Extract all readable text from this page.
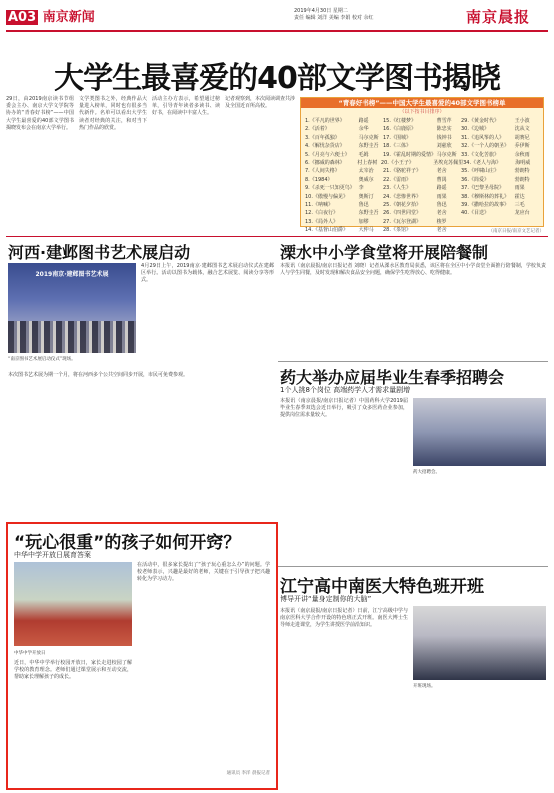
A03 南京新闻	2019年4月30日 星期二
责任 编辑 刘洋 美编 李娟 校对 余红	南京晨报
大学生最喜爱的40部文学图书揭晓
29日，由2019南京读书节组委会主办、南京大学文学院等协办的“青春好书榜”——中国大学生最喜爱的40部文学图书揭晓发布会在南京大学举行。
文学类图书之外，经典作品大量进入榜单，同时也有很多当代新作。名单可以看出大学生读者对经典的关注，和对当下热门作品的欣赏。
活动主办方表示，希望通过榜单，引导青年读者多读书、读好书，在阅读中丰富人生。
记者观察到，本次阅读调查共涉及全国近百所高校。	“青春好书榜”——中国大学生最喜爱的40部文学图书榜单
（以下按书目排序）
1.《平凡的世界》	路遥	15.《红楼梦》	曹雪芹	29.《黄金时代》	王小波
2.《活着》	余华	16.《白鹿原》	陈忠实	30.《边城》	沈从文
3.《百年孤独》	马尔克斯 17.《围城》	钱钟书	31.《追风筝的人》	胡赛尼
4.《解忧杂货店》	东野圭吾 18.《三体》	刘慈欣	32.《一个人的朝圣》	乔伊斯
5.《月亮与六便士》	毛姆	19.《霍乱时期的爱情》 马尔克斯 33.《文化苦旅》	余秋雨
6.《挪威的森林》	村上春树 20.《小王子》	圣埃克苏佩里 34.《老人与海》	海明威
7.《人间失格》	太宰治	21.《骆驼祥子》	老舍	35.《呼啸山庄》	勃朗特
8.《1984》	奥威尔	22.《雷雨》	曹禺	36.《简爱》	勃朗特
9.《杀死一只知更鸟》 李	23.《人生》	路遥	37.《巴黎圣母院》	雨果
10.《傲慢与偏见》	奥斯汀	24.《悲惨世界》	雨果	38.《穆斯林的葬礼》	霍达
11.《呐喊》	鲁迅	25.《朝花夕拾》	鲁迅	39.《撒哈拉的故事》	三毛
12.《白夜行》	东野圭吾 26.《四世同堂》	老舍	40.《目送》	龙应台
13.《局外人》	加缪	27.《瓦尔登湖》	梭罗
14.《基督山伯爵》	大仲马	28.《茶馆》	老舍	（南京日报/南京文艺记者）
河西·建邺图书艺术展启动
2019南京·建邺图书艺术展
“南京图书艺术展启动仪式”现场。
4月29日上午，2019南京·建邺图书艺术展启动仪式在建邺区举行。活动以图书为载体，融合艺术展览、阅读分享等形式。
本次图书艺术展为期一个月，将在河西多个公共空间同步开展，市民可免费参观。
溧水中小学食堂将开展陪餐制
本报讯（南京晨报/南京日报记者 刘晓）记者从溧水区教育局获悉，该区将在全区中小学食堂全面推行陪餐制，学校负责人与学生同餐，及时发现和解决食品安全问题，确保学生吃得放心、吃得健康。
药大举办应届毕业生春季招聘会
1个人挑8个岗位 高端药学人才需求量剧增
本报讯（南京晨报/南京日报记者）中国药科大学2019届毕业生春季双选会近日举行，吸引了众多医药企业参加，提供岗位需求量较大。
药大招聘会。
“玩心很重”的孩子如何开窍？
中华中学开放日展育答案
中华中学开放日
在活动中，很多家长提出了“孩子玩心重怎么办”的问题。学校老师表示，兴趣是最好的老师，关键在于引导孩子把兴趣转化为学习动力。
近日，中华中学举行校园开放日，家长走进校园了解学校的教育理念。老师们通过课堂展示和互动交流，帮助家长理解孩子的成长。
通讯员 李洋 晨报记者
江宁高中南医大特色班开班
博导开讲“量身定制你的大脑”
本报讯（南京晨报/南京日报记者）日前，江宁高级中学与南京医科大学合作开设的特色班正式开班。南医大博士生导师走进课堂，为学生讲授医学前沿知识。
开班现场。
